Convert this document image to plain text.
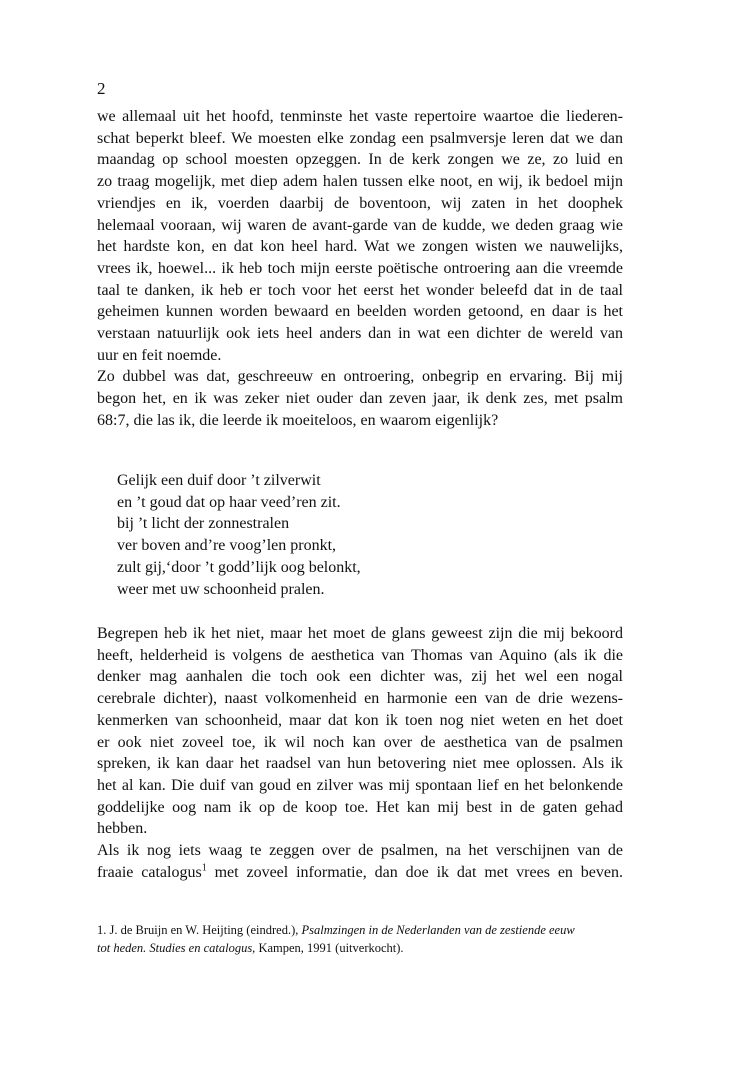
2
we allemaal uit het hoofd, tenminste het vaste repertoire waartoe die liederen-
schat beperkt bleef. We moesten elke zondag een psalmversje leren dat we dan
maandag op school moesten opzeggen. In de kerk zongen we ze, zo luid en
zo traag mogelijk, met diep adem halen tussen elke noot, en wij, ik bedoel mijn
vriendjes en ik, voerden daarbij de boventoon, wij zaten in het doophek
helemaal vooraan, wij waren de avant-garde van de kudde, we deden graag wie
het hardste kon, en dat kon heel hard. Wat we zongen wisten we nauwelijks,
vrees ik, hoewel... ik heb toch mijn eerste poëtische ontroering aan die vreemde
taal te danken, ik heb er toch voor het eerst het wonder beleefd dat in de taal
geheimen kunnen worden bewaard en beelden worden getoond, en daar is het
verstaan natuurlijk ook iets heel anders dan in wat een dichter de wereld van
uur en feit noemde.
Zo dubbel was dat, geschreeuw en ontroering, onbegrip en ervaring. Bij mij
begon het, en ik was zeker niet ouder dan zeven jaar, ik denk zes, met psalm
68:7, die las ik, die leerde ik moeiteloos, en waarom eigenlijk?
Gelijk een duif door ’t zilverwit
en ’t goud dat op haar veed’ren zit.
bij ’t licht der zonnestralen
ver boven and’re voog’len pronkt,
zult gij,‘door ’t godd’lijk oog belonkt,
weer met uw schoonheid pralen.
Begrepen heb ik het niet, maar het moet de glans geweest zijn die mij bekoord
heeft, helderheid is volgens de aesthetica van Thomas van Aquino (als ik die
denker mag aanhalen die toch ook een dichter was, zij het wel een nogal
cerebrale dichter), naast volkomenheid en harmonie een van de drie wezens-
kenmerken van schoonheid, maar dat kon ik toen nog niet weten en het doet
er ook niet zoveel toe, ik wil noch kan over de aesthetica van de psalmen
spreken, ik kan daar het raadsel van hun betovering niet mee oplossen. Als ik
het al kan. Die duif van goud en zilver was mij spontaan lief en het belonkende
goddelijke oog nam ik op de koop toe. Het kan mij best in de gaten gehad
hebben.
Als ik nog iets waag te zeggen over de psalmen, na het verschijnen van de
fraaie catalogus$^1$ met zoveel informatie, dan doe ik dat met vrees en beven.
1. J. de Bruijn en W. Heijting (eindred.), Psalmzingen in de Nederlanden van de zestiende eeuw
tot heden. Studies en catalogus, Kampen, 1991 (uitverkocht).
